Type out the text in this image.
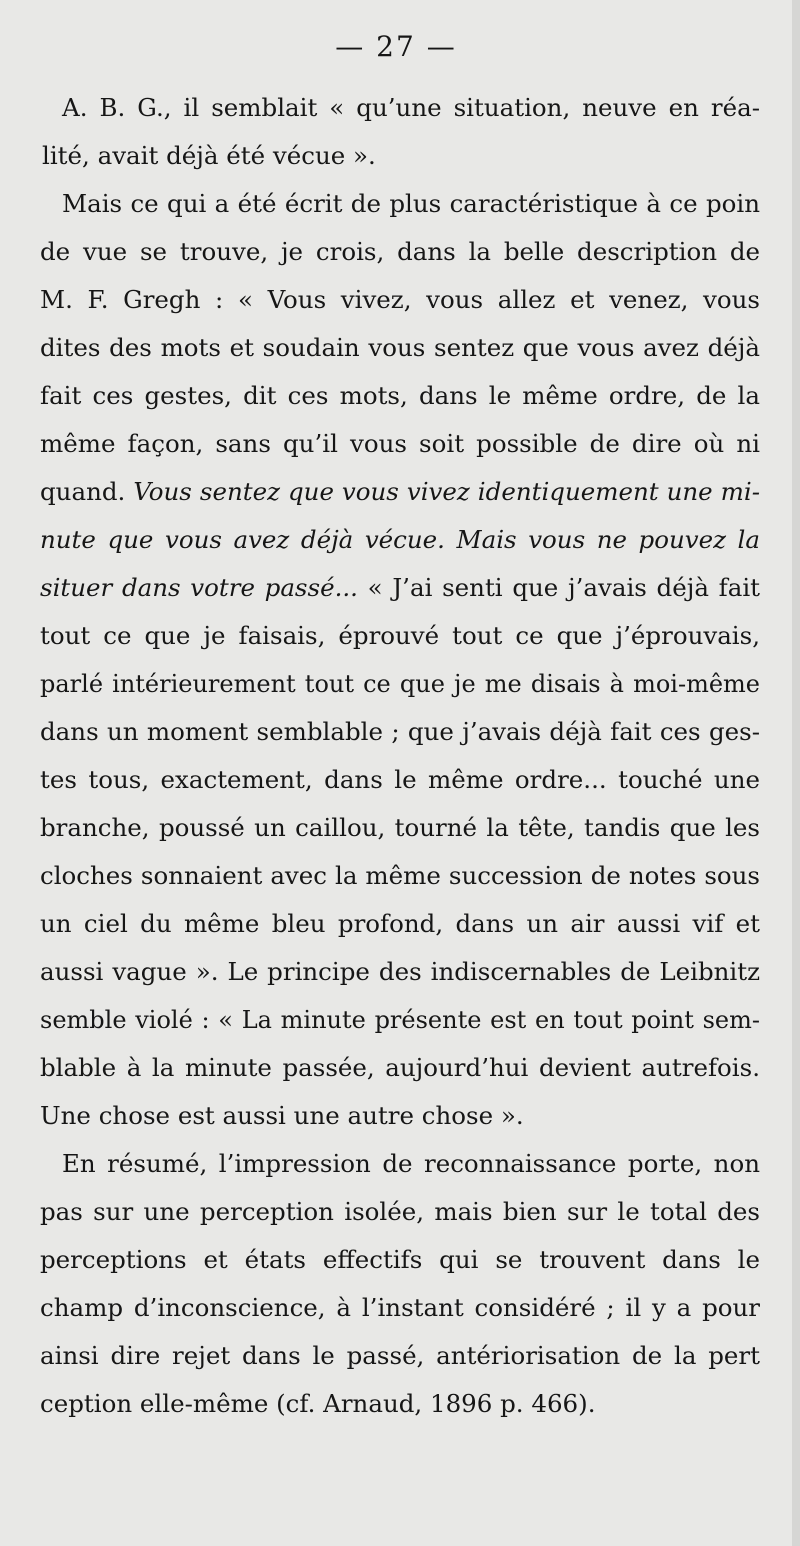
— 27 —
A. B. G., il semblait « qu’une situation, neuve en réa-
lité, avait déjà été vécue ».
Mais ce qui a été écrit de plus caractéristique à ce poin
de vue se trouve, je crois, dans la belle description de
M. F. Gregh : « Vous vivez, vous allez et venez, vous
dites des mots et soudain vous sentez que vous avez déjà
fait ces gestes, dit ces mots, dans le même ordre, de la
même façon, sans qu’il vous soit possible de dire où ni
quand. Vous sentez que vous vivez identiquement une mi-
nute que vous avez déjà vécue. Mais vous ne pouvez la
situer dans votre passé... « J’ai senti que j’avais déjà fait
tout ce que je faisais, éprouvé tout ce que j’éprouvais,
parlé intérieurement tout ce que je me disais à moi-même
dans un moment semblable ; que j’avais déjà fait ces ges-
tes tous, exactement, dans le même ordre... touché une
branche, poussé un caillou, tourné la tête, tandis que les
cloches sonnaient avec la même succession de notes sous
un ciel du même bleu profond, dans un air aussi vif et
aussi vague ». Le principe des indiscernables de Leibnitz
semble violé : « La minute présente est en tout point sem-
blable à la minute passée, aujourd’hui devient autrefois.
Une chose est aussi une autre chose ».
En résumé, l’impression de reconnaissance porte, non
pas sur une perception isolée, mais bien sur le total des
perceptions et états effectifs qui se trouvent dans le
champ d’inconscience, à l’instant considéré ; il y a pour
ainsi dire rejet dans le passé, antériorisation de la pert
ception elle-même (cf. Arnaud, 1896 p. 466).
